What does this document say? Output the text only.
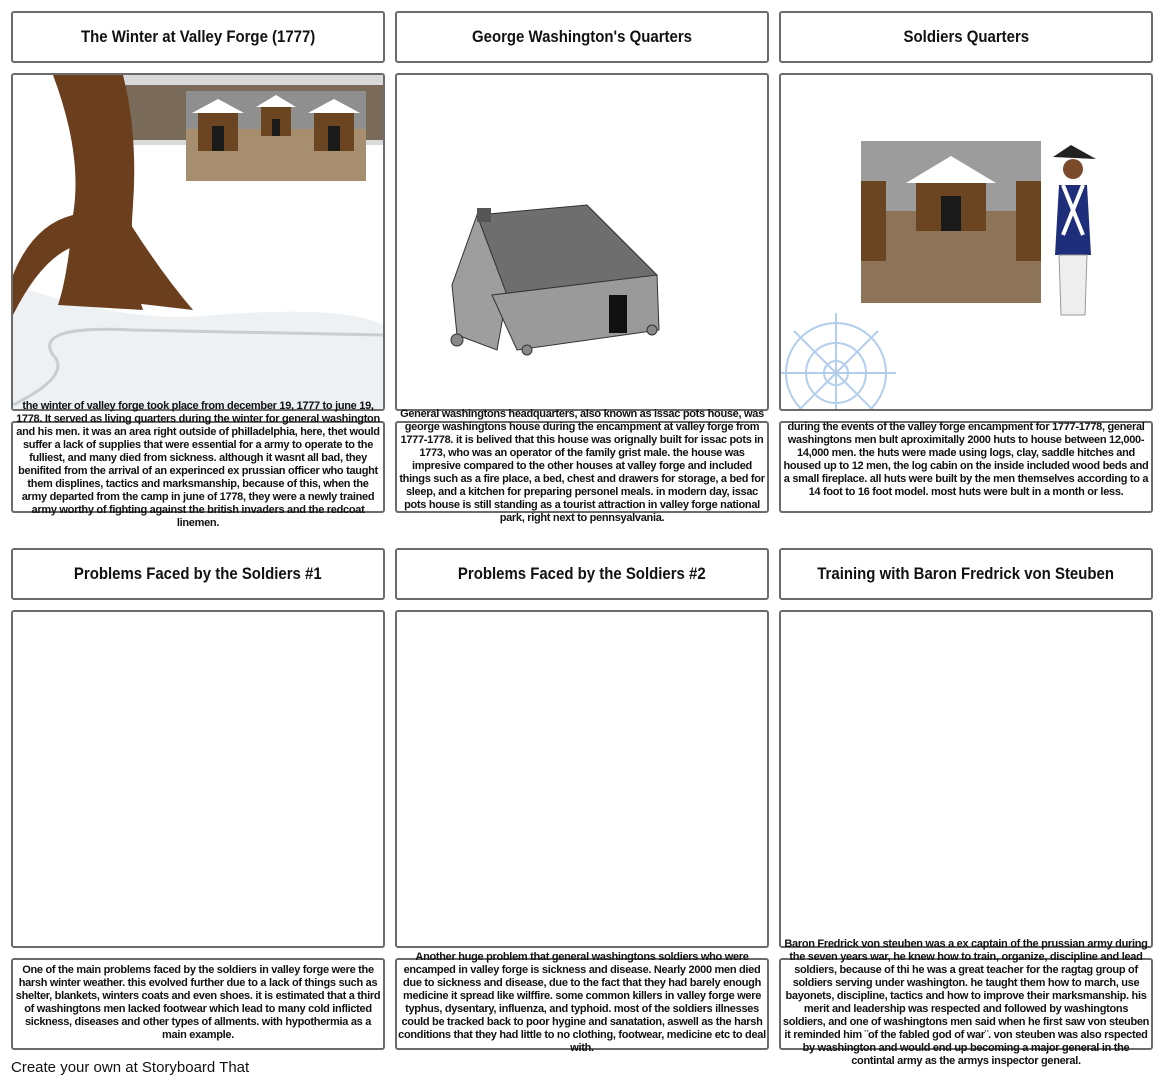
The Winter at Valley Forge (1777)	George Washington's Quarters	Soldiers Quarters
the winter of valley forge took place from december 19, 1777 to june 19, 1778. It served as living quarters during the winter for general washington and his men. it was an area right outside of philladelphia, here, thet would suffer a lack of supplies that were essential for a army to operate to the fulliest, and many died from sickness. although it wasnt all bad, they benifited from the arrival of an experinced ex prussian officer who taught them displines, tactics and marksmanship, because of this, when the army departed from the camp in june of 1778, they were a newly trained army worthy of fighting against the british invaders and the redcoat linemen.
General washingtons headquarters, also known as issac pots house, was george washingtons house during the encampment at valley forge from 1777-1778. it is belived that this house was orignally built for issac pots in 1773, who was an operator of the family grist male. the house was impresive compared to the other houses at valley forge and included things such as a fire place, a bed, chest and drawers for storage, a bed for sleep, and a kitchen for preparing personel meals. in modern day, issac pots house is still standing as a tourist attraction in valley forge national park, right next to pennsyalvania.
during the events of the valley forge encampment for 1777-1778, general washingtons men bult aproximitally 2000 huts to house between 12,000-14,000 men. the huts were made using logs, clay, saddle hitches and housed up to 12 men, the log cabin on the inside included wood beds and a small fireplace. all huts were built by the men themselves according to a 14 foot to 16 foot model. most huts were bult in a month or less.
Problems Faced by the Soldiers #1	Problems Faced by the Soldiers #2	Training with Baron Fredrick von Steuben
One of the main problems faced by the soldiers in valley forge were the harsh winter weather. this evolved further due to a lack of things such as shelter, blankets, winters coats and even shoes. it is estimated that a third of washingtons men lacked footwear which lead to many cold inflicted sickness, diseases and other types of allments. with hypothermia as a main example.
Another huge problem that general washingtons soldiers who were encamped in valley forge is sickness and disease. Nearly 2000 men died due to sickness and disease, due to the fact that they had barely enough medicine it spread like wilffire. some common killers in valley forge were typhus, dysentary, influenza, and typhoid. most of the soldiers illnesses could be tracked back to poor hygine and sanatation, aswell as the harsh conditions that they had little to no clothing, footwear, medicine etc to deal with.
Baron Fredrick von steuben was a ex captain of the prussian army during the seven years war, he knew how to train, organize, discipline and lead soldiers, because of thi he was a great teacher for the ragtag group of soldiers serving under washington. he taught them how to march, use bayonets, discipline, tactics and how to improve their marksmanship. his merit and leadership was respected and followed by washingtons soldiers, and one of washingtons men said when he first saw von steuben it reminded him ¨of the fabled god of war¨. von steuben was also rspected by washington and would end up becoming a major general in the contintal army as the armys inspector general.
Create your own at Storyboard That
